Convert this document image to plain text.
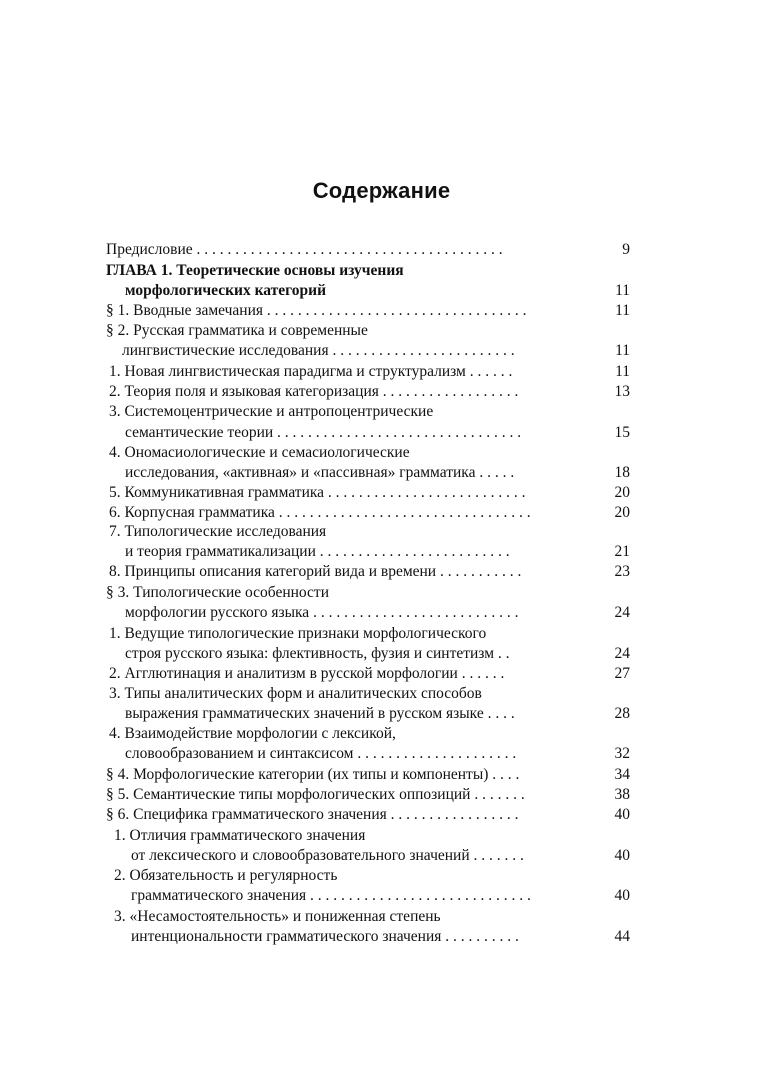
Содержание
Предисловие . . . . . . . . . . . . . . . . . . . . . . . . . . . . . . . . . . . . . . . .	9
ГЛАВА 1. Теоретические основы изучения
морфологических категорий	11
§ 1. Вводные замечания . . . . . . . . . . . . . . . . . . . . . . . . . . . . . . . . . .	11
§ 2. Русская грамматика и современные
лингвистические исследования . . . . . . . . . . . . . . . . . . . . . . . .	11
1. Новая лингвистическая парадигма и структурализм . . . . . .	11
2. Теория поля и языковая категоризация . . . . . . . . . . . . . . . . . .	13
3. Системоцентрические и антропоцентрические
семантические теории . . . . . . . . . . . . . . . . . . . . . . . . . . . . . . . .	15
4. Ономасиологические и семасиологические
исследования, «активная» и «пассивная» грамматика . . . . .	18
5. Коммуникативная грамматика . . . . . . . . . . . . . . . . . . . . . . . . . .	20
6. Корпусная грамматика . . . . . . . . . . . . . . . . . . . . . . . . . . . . . . . . .	20
7. Типологические исследования
и теория грамматикализации . . . . . . . . . . . . . . . . . . . . . . . . .	21
8. Принципы описания категорий вида и времени . . . . . . . . . . .	23
§ 3. Типологические особенности
морфологии русского языка . . . . . . . . . . . . . . . . . . . . . . . . . . .	24
1. Ведущие типологические признаки морфологического
строя русского языка: флективность, фузия и синтетизм . .	24
2. Агглютинация и аналитизм в русской морфологии . . . . . .	27
3. Типы аналитических форм и аналитических способов
выражения грамматических значений в русском языке . . . .	28
4. Взаимодействие морфологии с лексикой,
словообразованием и синтаксисом . . . . . . . . . . . . . . . . . . . . .	32
§ 4. Морфологические категории (их типы и компоненты) . . . .	34
§ 5. Семантические типы морфологических оппозиций . . . . . . .	38
§ 6. Специфика грамматического значения . . . . . . . . . . . . . . . . .	40
1. Отличия грамматического значения
от лексического и словообразовательного значений . . . . . . .	40
2. Обязательность и регулярность
грамматического значения . . . . . . . . . . . . . . . . . . . . . . . . . . . . .	40
3. «Несамостоятельность» и пониженная степень
интенциональности грамматического значения . . . . . . . . . .	44
